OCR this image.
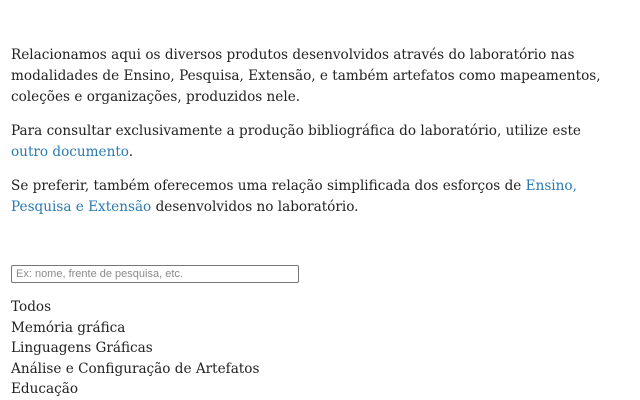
Relacionamos aqui os diversos produtos desenvolvidos através do laboratório nas modalidades de Ensino, Pesquisa, Extensão, e também artefatos como mapeamentos, coleções e organizações, produzidos nele.

Para consultar exclusivamente a produção bibliográfica do laboratório, utilize este outro documento.

Se preferir, também oferecemos uma relação simplificada dos esforços de Ensino, Pesquisa e Extensão desenvolvidos no laboratório.

Ex: nome, frente de pesquisa, etc.
Todos
Memória gráfica
Linguagens Gráficas
Análise e Configuração de Artefatos
Educação
